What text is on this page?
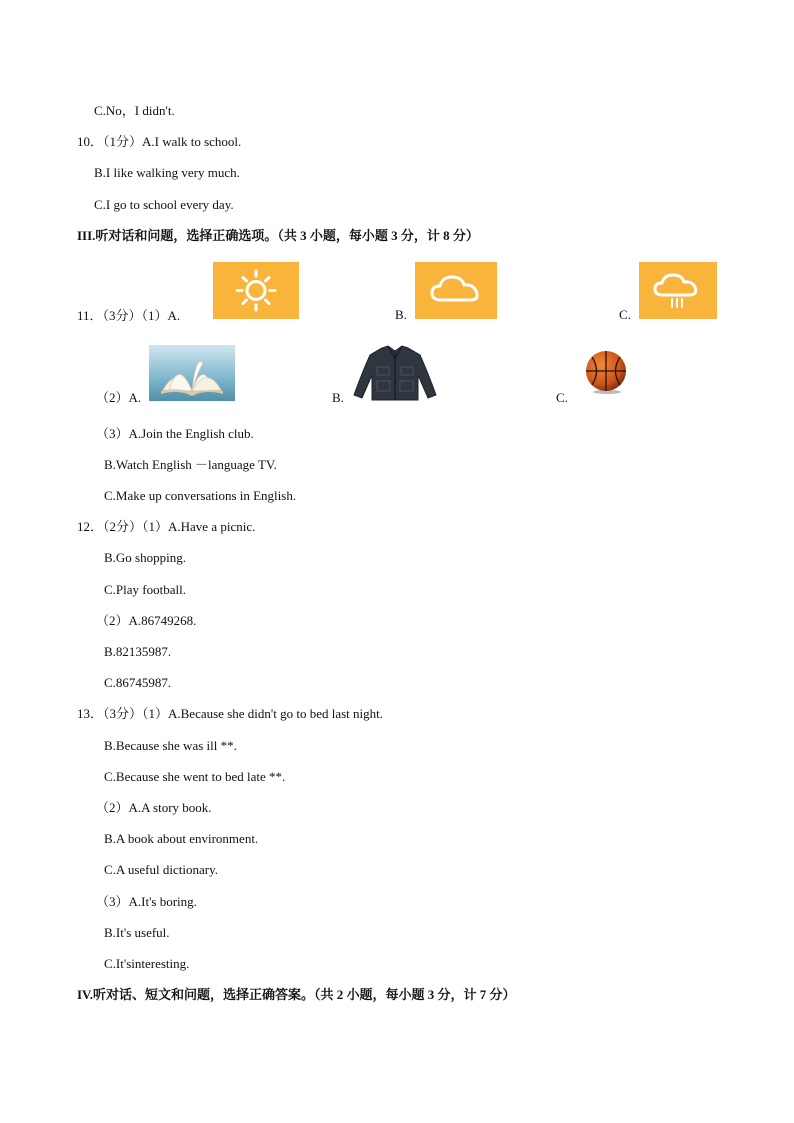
C.No，I didn't.
10．（1分）A.I walk to school.
B.I like walking very much.
C.I go to school every day.
III.听对话和问题，选择正确选项。（共 3 小题，每小题 3 分，计 8 分）
11．（3分）（1）A.	B.	C.
（2）A.	B.	C.
（3）A.Join the English club.
B.Watch English －language TV.
C.Make up conversations in English.
12．（2分）（1）A.Have a picnic.
B.Go shopping.
C.Play football.
（2）A.86749268.
B.82135987.
C.86745987.
13．（3分）（1）A.Because she didn't go to bed last night.
B.Because she was ill **.
C.Because she went to bed late **.
（2）A.A story book.
B.A book about environment.
C.A useful dictionary.
（3）A.It's boring.
B.It's useful.
C.It'sinteresting.
IV.听对话、短文和问题，选择正确答案。（共 2 小题，每小题 3 分，计 7 分）
